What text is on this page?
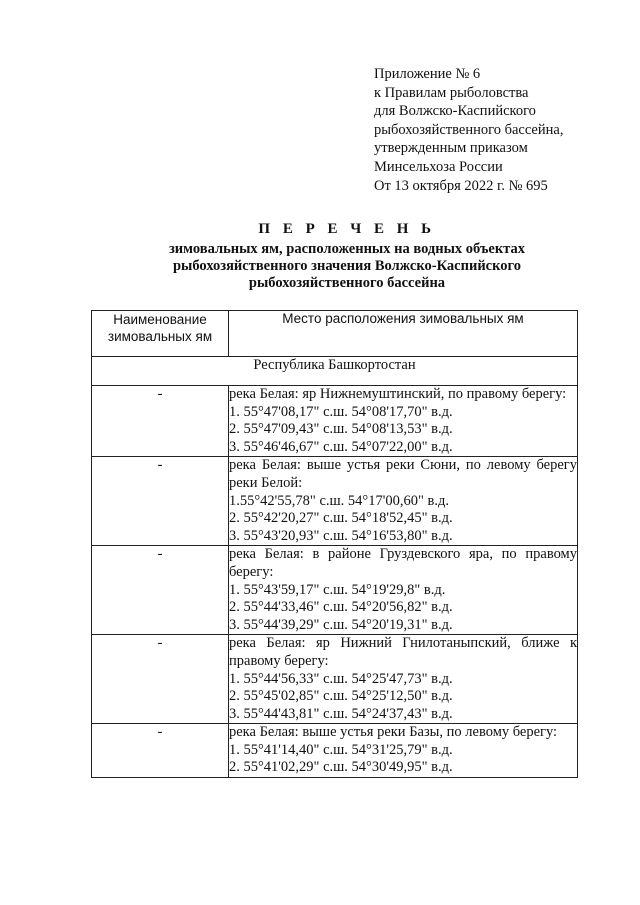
Приложение № 6
к Правилам рыболовства
для Волжско-Каспийского
рыбохозяйственного бассейна,
утвержденным приказом
Минсельхоза России
От 13 октября 2022 г. № 695
П Е Р Е Ч Е Н Ь
зимовальных ям, расположенных на водных объектах
рыбохозяйственного значения Волжско-Каспийского
рыбохозяйственного бассейна
Наименование
зимовальных ям	Место расположения зимовальных ям
Республика Башкортостан	
-	река Белая: яр Нижнемуштинский, по правому берегу:
1. 55°47'08,17" с.ш. 54°08'17,70" в.д.
2. 55°47'09,43" с.ш. 54°08'13,53" в.д.
3. 55°46'46,67" с.ш. 54°07'22,00" в.д.

-	река Белая: выше устья реки Сюни, по левому берегу реки Белой:
1.55°42'55,78" с.ш. 54°17'00,60" в.д.
2. 55°42'20,27" с.ш. 54°18'52,45" в.д.
3. 55°43'20,93" с.ш. 54°16'53,80" в.д.

-	река Белая: в районе Груздевского яра, по правому берегу:
1. 55°43'59,17" с.ш. 54°19'29,8" в.д.
2. 55°44'33,46" с.ш. 54°20'56,82" в.д.
3. 55°44'39,29" с.ш. 54°20'19,31" в.д.

-	река Белая: яр Нижний Гнилотаныпский, ближе к правому берегу:
1. 55°44'56,33" с.ш. 54°25'47,73" в.д.
2. 55°45'02,85" с.ш. 54°25'12,50" в.д.
3. 55°44'43,81" с.ш. 54°24'37,43" в.д.

-	река Белая: выше устья реки Базы, по левому берегу:
1. 55°41'14,40" с.ш. 54°31'25,79" в.д.
2. 55°41'02,29" с.ш. 54°30'49,95" в.д.
